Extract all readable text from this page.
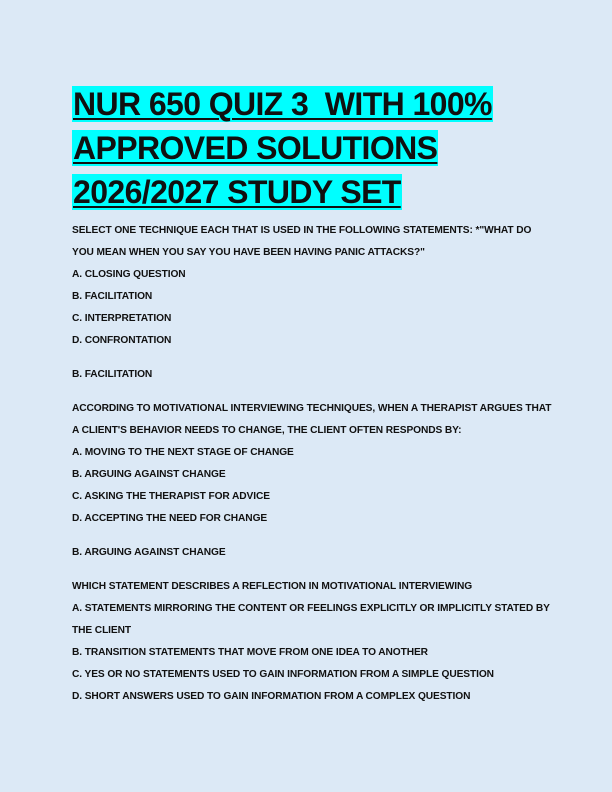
NUR 650 QUIZ 3  WITH 100%
APPROVED SOLUTIONS
2026/2027 STUDY SET

SELECT ONE TECHNIQUE EACH THAT IS USED IN THE FOLLOWING STATEMENTS: *"WHAT DO YOU MEAN WHEN YOU SAY YOU HAVE BEEN HAVING PANIC ATTACKS?"

A. CLOSING QUESTION

B. FACILITATION

C. INTERPRETATION

D. CONFRONTATION

B. FACILITATION

ACCORDING TO MOTIVATIONAL INTERVIEWING TECHNIQUES, WHEN A THERAPIST ARGUES THAT A CLIENT'S BEHAVIOR NEEDS TO CHANGE, THE CLIENT OFTEN RESPONDS BY:

A. MOVING TO THE NEXT STAGE OF CHANGE

B. ARGUING AGAINST CHANGE

C. ASKING THE THERAPIST FOR ADVICE

D. ACCEPTING THE NEED FOR CHANGE

B. ARGUING AGAINST CHANGE

WHICH STATEMENT DESCRIBES A REFLECTION IN MOTIVATIONAL INTERVIEWING

A. STATEMENTS MIRRORING THE CONTENT OR FEELINGS EXPLICITLY OR IMPLICITLY STATED BY THE CLIENT

B. TRANSITION STATEMENTS THAT MOVE FROM ONE IDEA TO ANOTHER

C. YES OR NO STATEMENTS USED TO GAIN INFORMATION FROM A SIMPLE QUESTION

D. SHORT ANSWERS USED TO GAIN INFORMATION FROM A COMPLEX QUESTION
